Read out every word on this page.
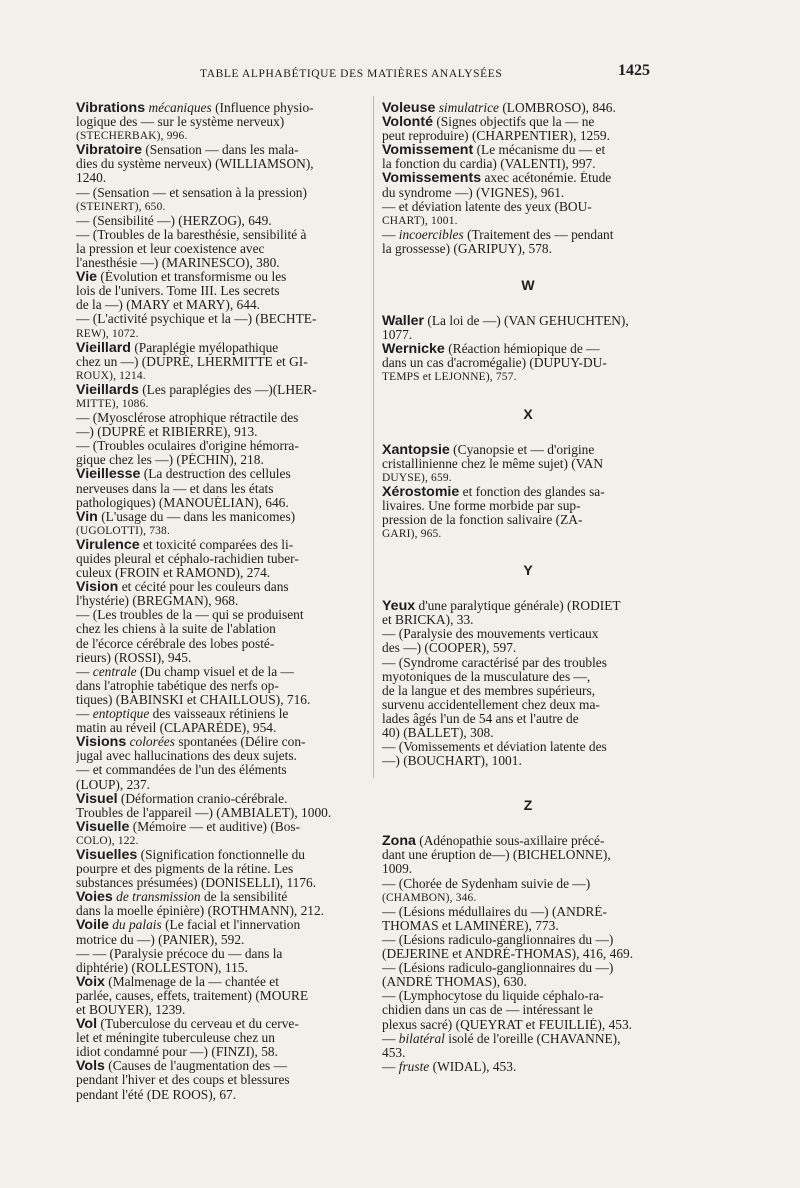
TABLE ALPHABÉTIQUE DES MATIÈRES ANALYSÉES	1425

Vibrations mécaniques (Influence physio-

logique des — sur le système nerveux)

(STECHERBAK), 996.

Vibratoire (Sensation — dans les mala-

dies du système nerveux) (WILLIAMSON),

1240.

— (Sensation — et sensation à la pression)

(STEINERT), 650.

— (Sensibilité —) (HERZOG), 649.

— (Troubles de la baresthésie, sensibilité à

la pression et leur coexistence avec

l'anesthésie —) (MARINESCO), 380.

Vie (Évolution et transformisme ou les

lois de l'univers. Tome III. Les secrets

de la —) (MARY et MARY), 644.

— (L'activité psychique et la —) (BECHTE-

REW), 1072.

Vieillard (Paraplégie myélopathique

chez un —) (DUPRÉ, LHERMITTE et GI-

ROUX), 1214.

Vieillards (Les paraplégies des —)(LHER-

MITTE), 1086.

— (Myosclérose atrophique rétractile des

—) (DUPRÉ et RIBIERRE), 913.

— (Troubles oculaires d'origine hémorra-

gique chez les —) (PÉCHIN), 218.

Vieillesse (La destruction des cellules

nerveuses dans la — et dans les états

pathologiques) (MANOUÉLIAN), 646.

Vin (L'usage du — dans les manicomes)

(UGOLOTTI), 738.

Virulence et toxicité comparées des li-

quides pleural et céphalo-rachidien tuber-

culeux (FROIN et RAMOND), 274.

Vision et cécité pour les couleurs dans

l'hystérie) (BREGMAN), 968.

— (Les troubles de la — qui se produisent

chez les chiens à la suite de l'ablation

de l'écorce cérébrale des lobes posté-

rieurs) (ROSSI), 945.

— centrale (Du champ visuel et de la —

dans l'atrophie tabétique des nerfs op-

tiques) (BABINSKI et CHAILLOUS), 716.

— entoptique des vaisseaux rétiniens le

matin au réveil (CLAPARÈDE), 954.

Visions colorées spontanées (Délire con-

jugal avec hallucinations des deux sujets.

— et commandées de l'un des éléments

(LOUP), 237.

Visuel (Déformation cranio-cérébrale.

Troubles de l'appareil —) (AMBIALET), 1000.

Visuelle (Mémoire — et auditive) (Bos-

COLO), 122.

Visuelles (Signification fonctionnelle du

pourpre et des pigments de la rétine. Les

substances présumées) (DONISELLI), 1176.

Voies de transmission de la sensibilité

dans la moelle épinière) (ROTHMANN), 212.

Voile du palais (Le facial et l'innervation

motrice du —) (PANIER), 592.

— — (Paralysie précoce du — dans la

diphtérie) (ROLLESTON), 115.

Voix (Malmenage de la — chantée et

parlée, causes, effets, traitement) (MOURE

et BOUYER), 1239.

Vol (Tuberculose du cerveau et du cerve-

let et méningite tuberculeuse chez un

idiot condamné pour —) (FINZI), 58.

Vols (Causes de l'augmentation des —

pendant l'hiver et des coups et blessures

pendant l'été (DE ROOS), 67.

Voleuse simulatrice (LOMBROSO), 846.

Volonté (Signes objectifs que la — ne

peut reproduire) (CHARPENTIER), 1259.

Vomissement (Le mécanisme du — et

la fonction du cardia) (VALENTI), 997.

Vomissements axec acétonémie. Étude

du syndrome —) (VIGNES), 961.

— et déviation latente des yeux (BOU-

CHART), 1001.

— incoercibles (Traitement des — pendant

la grossesse) (GARIPUY), 578.

W

Waller (La loi de —) (VAN GEHUCHTEN),

1077.

Wernicke (Réaction hémiopique de —

dans un cas d'acromégalie) (DUPUY-DU-

TEMPS et LEJONNE), 757.

X

Xantopsie (Cyanopsie et — d'origine

cristallinienne chez le même sujet) (VAN

DUYSE), 659.

Xérostomie et fonction des glandes sa-

livaires. Une forme morbide par sup-

pression de la fonction salivaire (ZA-

GARI), 965.

Y

Yeux d'une paralytique générale) (RODIET

et BRICKA), 33.

— (Paralysie des mouvements verticaux

des —) (COOPER), 597.

— (Syndrome caractérisé par des troubles

myotoniques de la musculature des —,

de la langue et des membres supérieurs,

survenu accidentellement chez deux ma-

lades âgés l'un de 54 ans et l'autre de

40) (BALLET), 308.

— (Vomissements et déviation latente des

—) (BOUCHART), 1001.

Z

Zona (Adénopathie sous-axillaire précé-

dant une éruption de—) (BICHELONNE),

1009.

— (Chorée de Sydenham suivie de —)

(CHAMBON), 346.

— (Lésions médullaires du —) (ANDRÉ-

THOMAS et LAMINÈRE), 773.

— (Lésions radiculo-ganglionnaires du —)

(DEJERINE et ANDRÉ-THOMAS), 416, 469.

— (Lésions radiculo-ganglionnaires du —)

(ANDRÉ THOMAS), 630.

— (Lymphocytose du liquide céphalo-ra-

chidien dans un cas de — intéressant le

plexus sacré) (QUEYRAT et FEUILLIÉ), 453.

— bilatéral isolé de l'oreille (CHAVANNE),

453.

— fruste (WIDAL), 453.
